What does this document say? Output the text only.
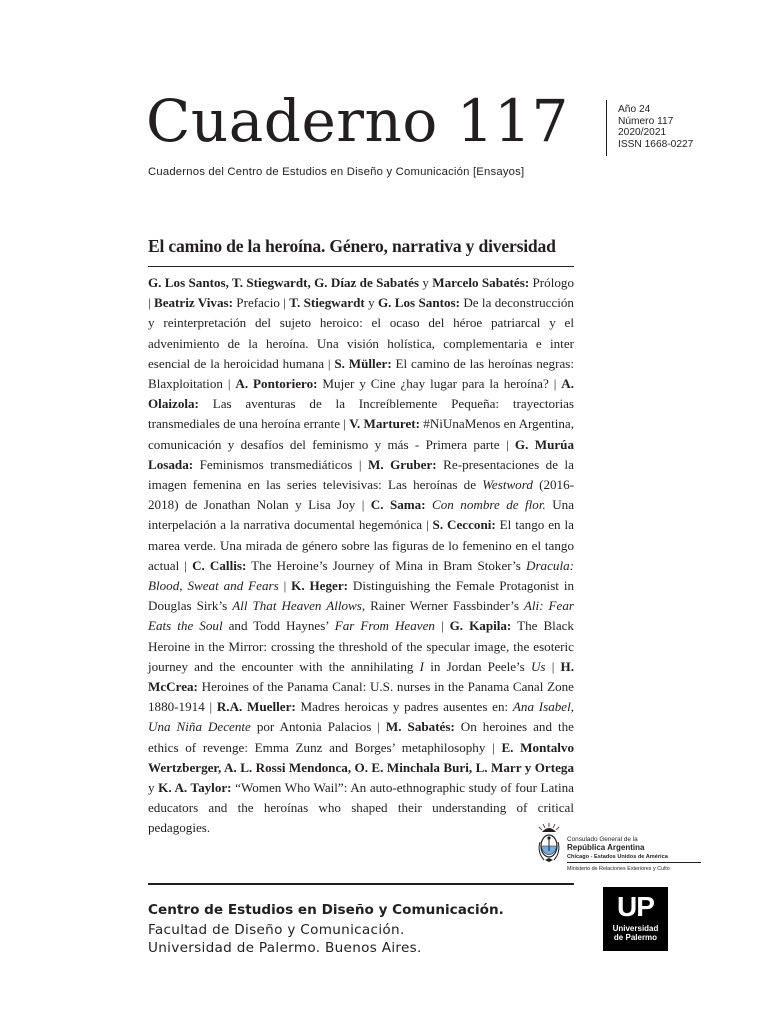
Cuaderno 117
Cuadernos del Centro de Estudios en Diseño y Comunicación [Ensayos]
Año 24
Número 117
2020/2021
ISSN 1668-0227
El camino de la heroína. Género, narrativa y diversidad

G. Los Santos, T. Stiegwardt, G. Díaz de Sabatés y Marcelo Sabatés: Prólogo | Beatriz Vivas: Prefacio | T. Stiegwardt y G. Los Santos: De la deconstrucción y reinterpretación del sujeto heroico: el ocaso del héroe patriarcal y el advenimiento de la heroína. Una visión holística, complementaria e inter esencial de la heroicidad humana | S. Müller: El camino de las heroínas negras: Blaxploitation | A. Pontoriero: Mujer y Cine ¿hay lugar para la heroína? | A. Olaizola: Las aventuras de la Increíblemente Pequeña: trayectorias transmediales de una heroína errante | V. Marturet: #NiUnaMenos en Argentina, comunicación y desafíos del feminismo y más - Primera parte | G. Murúa Losada: Feminismos transmediáticos | M. Gruber: Re-presentaciones de la imagen femenina en las series televisivas: Las heroínas de Westword (2016-2018) de Jonathan Nolan y Lisa Joy | C. Sama: Con nombre de flor. Una interpelación a la narrativa documental hegemónica | S. Cecconi: El tango en la marea verde. Una mirada de género sobre las figuras de lo femenino en el tango actual | C. Callis: The Heroine’s Journey of Mina in Bram Stoker’s Dracula: Blood, Sweat and Fears | K. Heger: Distinguishing the Female Protagonist in Douglas Sirk’s All That Heaven Allows, Rainer Werner Fassbinder’s Ali: Fear Eats the Soul and Todd Haynes’ Far From Heaven | G. Kapila: The Black Heroine in the Mirror: crossing the threshold of the specular image, the esoteric journey and the encounter with the annihilating I in Jordan Peele’s Us | H. McCrea: Heroines of the Panama Canal: U.S. nurses in the Panama Canal Zone 1880-1914 | R.A. Mueller: Madres heroicas y padres ausentes en: Ana Isabel, Una Niña Decente por Antonia Palacios | M. Sabatés: On heroines and the ethics of revenge: Emma Zunz and Borges’ metaphilosophy | E. Montalvo Wertzberger, A. L. Rossi Mendonca, O. E. Minchala Buri, L. Marr y Ortega y K. A. Taylor: “Women Who Wail”: An auto-ethnographic study of four Latina educators and the heroínas who shaped their understanding of critical pedagogies.

Consulado General de la
República Argentina
Chicago - Estados Unidos de América
Ministerio de Relaciones Exteriores y Culto
Centro de Estudios en Diseño y Comunicación.
Facultad de Diseño y Comunicación.
Universidad de Palermo. Buenos Aires.
UP
Universidad
de Palermo
